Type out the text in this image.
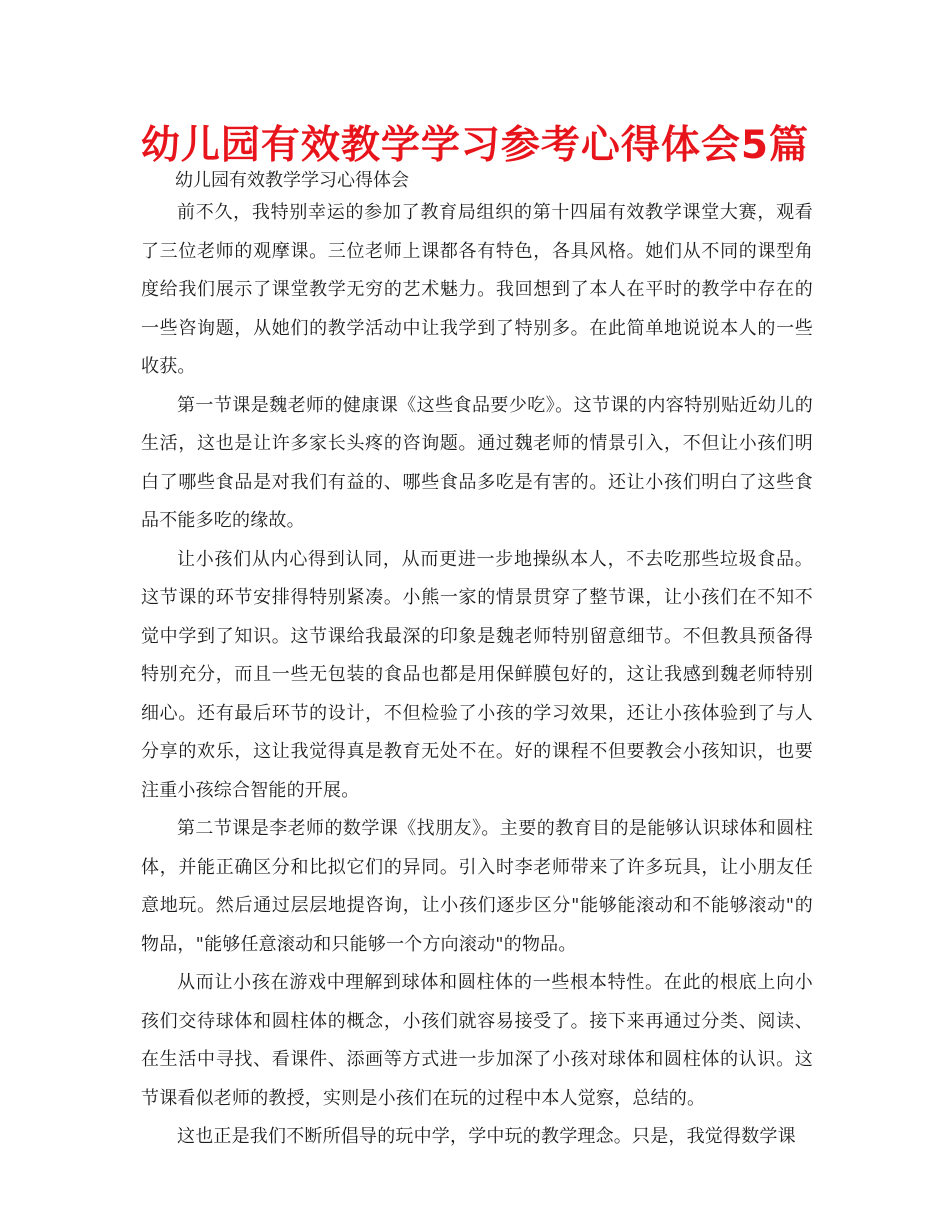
幼儿园有效教学学习参考心得体会5篇
幼儿园有效教学学习心得体会

前不久，我特别幸运的参加了教育局组织的第十四届有效教学课堂大赛，观看了三位老师的观摩课。三位老师上课都各有特色，各具风格。她们从不同的课型角度给我们展示了课堂教学无穷的艺术魅力。我回想到了本人在平时的教学中存在的一些咨询题，从她们的教学活动中让我学到了特别多。在此简单地说说本人的一些收获。

第一节课是魏老师的健康课《这些食品要少吃》。这节课的内容特别贴近幼儿的生活，这也是让许多家长头疼的咨询题。通过魏老师的情景引入，不但让小孩们明白了哪些食品是对我们有益的、哪些食品多吃是有害的。还让小孩们明白了这些食品不能多吃的缘故。

让小孩们从内心得到认同，从而更进一步地操纵本人，不去吃那些垃圾食品。这节课的环节安排得特别紧凑。小熊一家的情景贯穿了整节课，让小孩们在不知不觉中学到了知识。这节课给我最深的印象是魏老师特别留意细节。不但教具预备得特别充分，而且一些无包装的食品也都是用保鲜膜包好的，这让我感到魏老师特别细心。还有最后环节的设计，不但检验了小孩的学习效果，还让小孩体验到了与人分享的欢乐，这让我觉得真是教育无处不在。好的课程不但要教会小孩知识，也要注重小孩综合智能的开展。

第二节课是李老师的数学课《找朋友》。主要的教育目的是能够认识球体和圆柱体，并能正确区分和比拟它们的异同。引入时李老师带来了许多玩具，让小朋友任意地玩。然后通过层层地提咨询，让小孩们逐步区分"能够能滚动和不能够滚动"的物品，"能够任意滚动和只能够一个方向滚动"的物品。

从而让小孩在游戏中理解到球体和圆柱体的一些根本特性。在此的根底上向小孩们交待球体和圆柱体的概念，小孩们就容易接受了。接下来再通过分类、阅读、在生活中寻找、看课件、添画等方式进一步加深了小孩对球体和圆柱体的认识。这节课看似老师的教授，实则是小孩们在玩的过程中本人觉察，总结的。

这也正是我们不断所倡导的玩中学，学中玩的教学理念。只是，我觉得数学课
